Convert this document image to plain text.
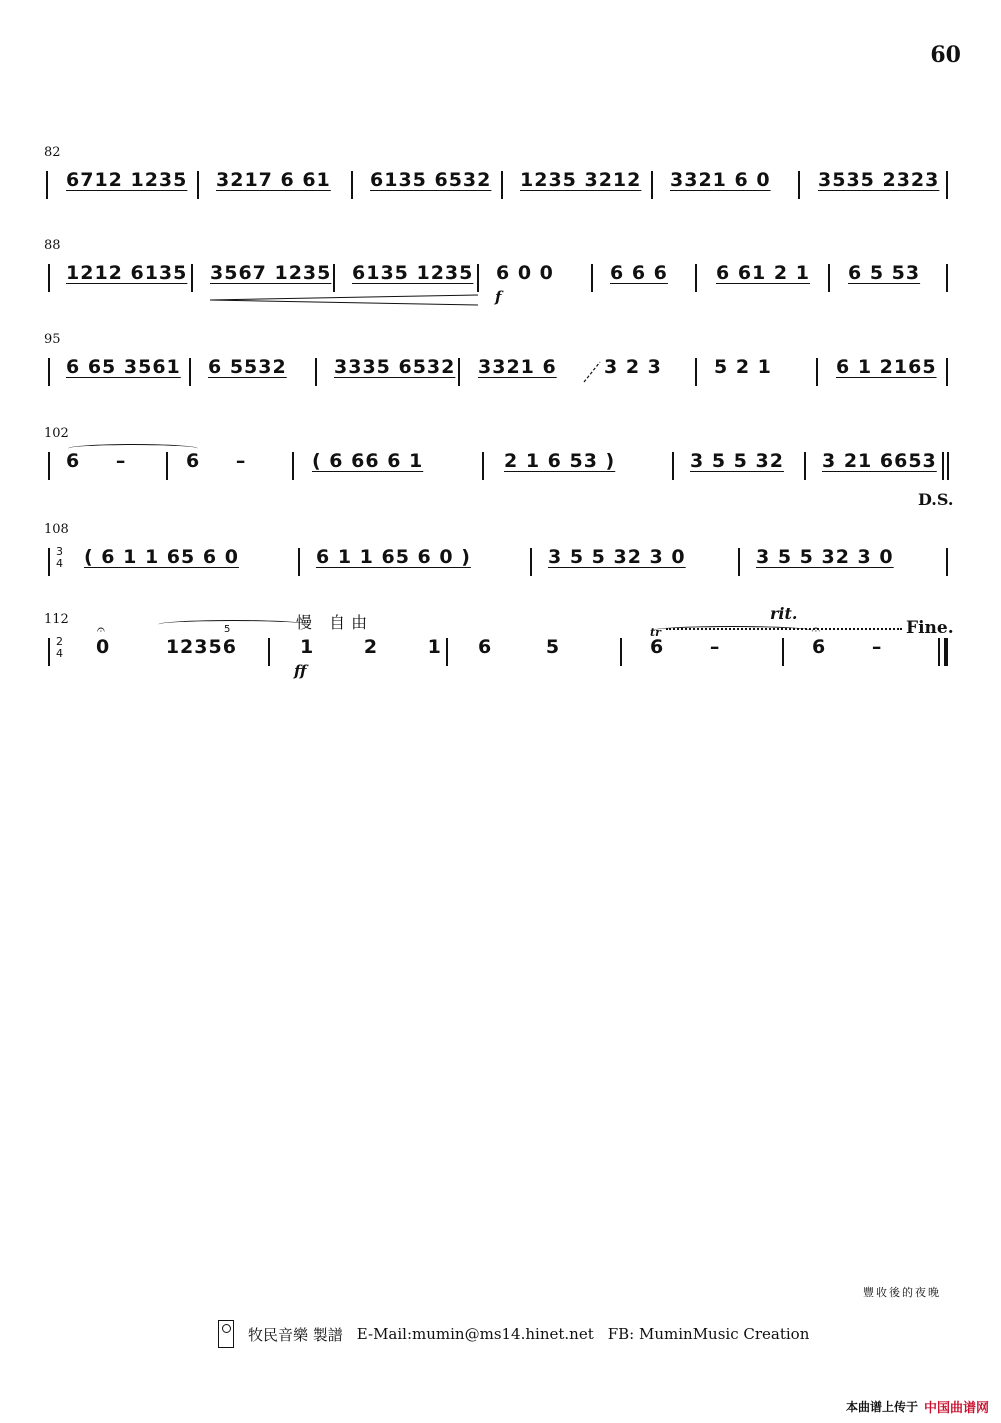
60
82
6712 1235 3217 6 61 6135 6532 1235 3212 3321 6 0 3535 2323
88
1212 6135 3567 1235 6135 1235 6 0 0	6 6 6	6 61 2 1 6 5 53
f
95
6 65 3561 6 5532 3335 6532 3321 6 3 2 3	5 2 1	6 1 2165
102
6 –	6 –	( 6 66 6 1	2 1 6 53 )	3 5 5 32 3 21 6653
D.S.
108
3
4 ( 6 1 1 65 6 0	6 1 1 65 6 0 )	3 5 5 32 3 0	3 5 5 32 3 0
112	慢 自由	rit.
tr	Fine.
2
4
𝄐
0 12356
5
1 2 1
ff
6 5	6 –
𝄐
6 –
豐收後的夜晚
牧民音樂 製譜 E-Mail:mumin@ms14.hinet.net FB: MuminMusic Creation
本曲谱上传于 中国曲谱网
